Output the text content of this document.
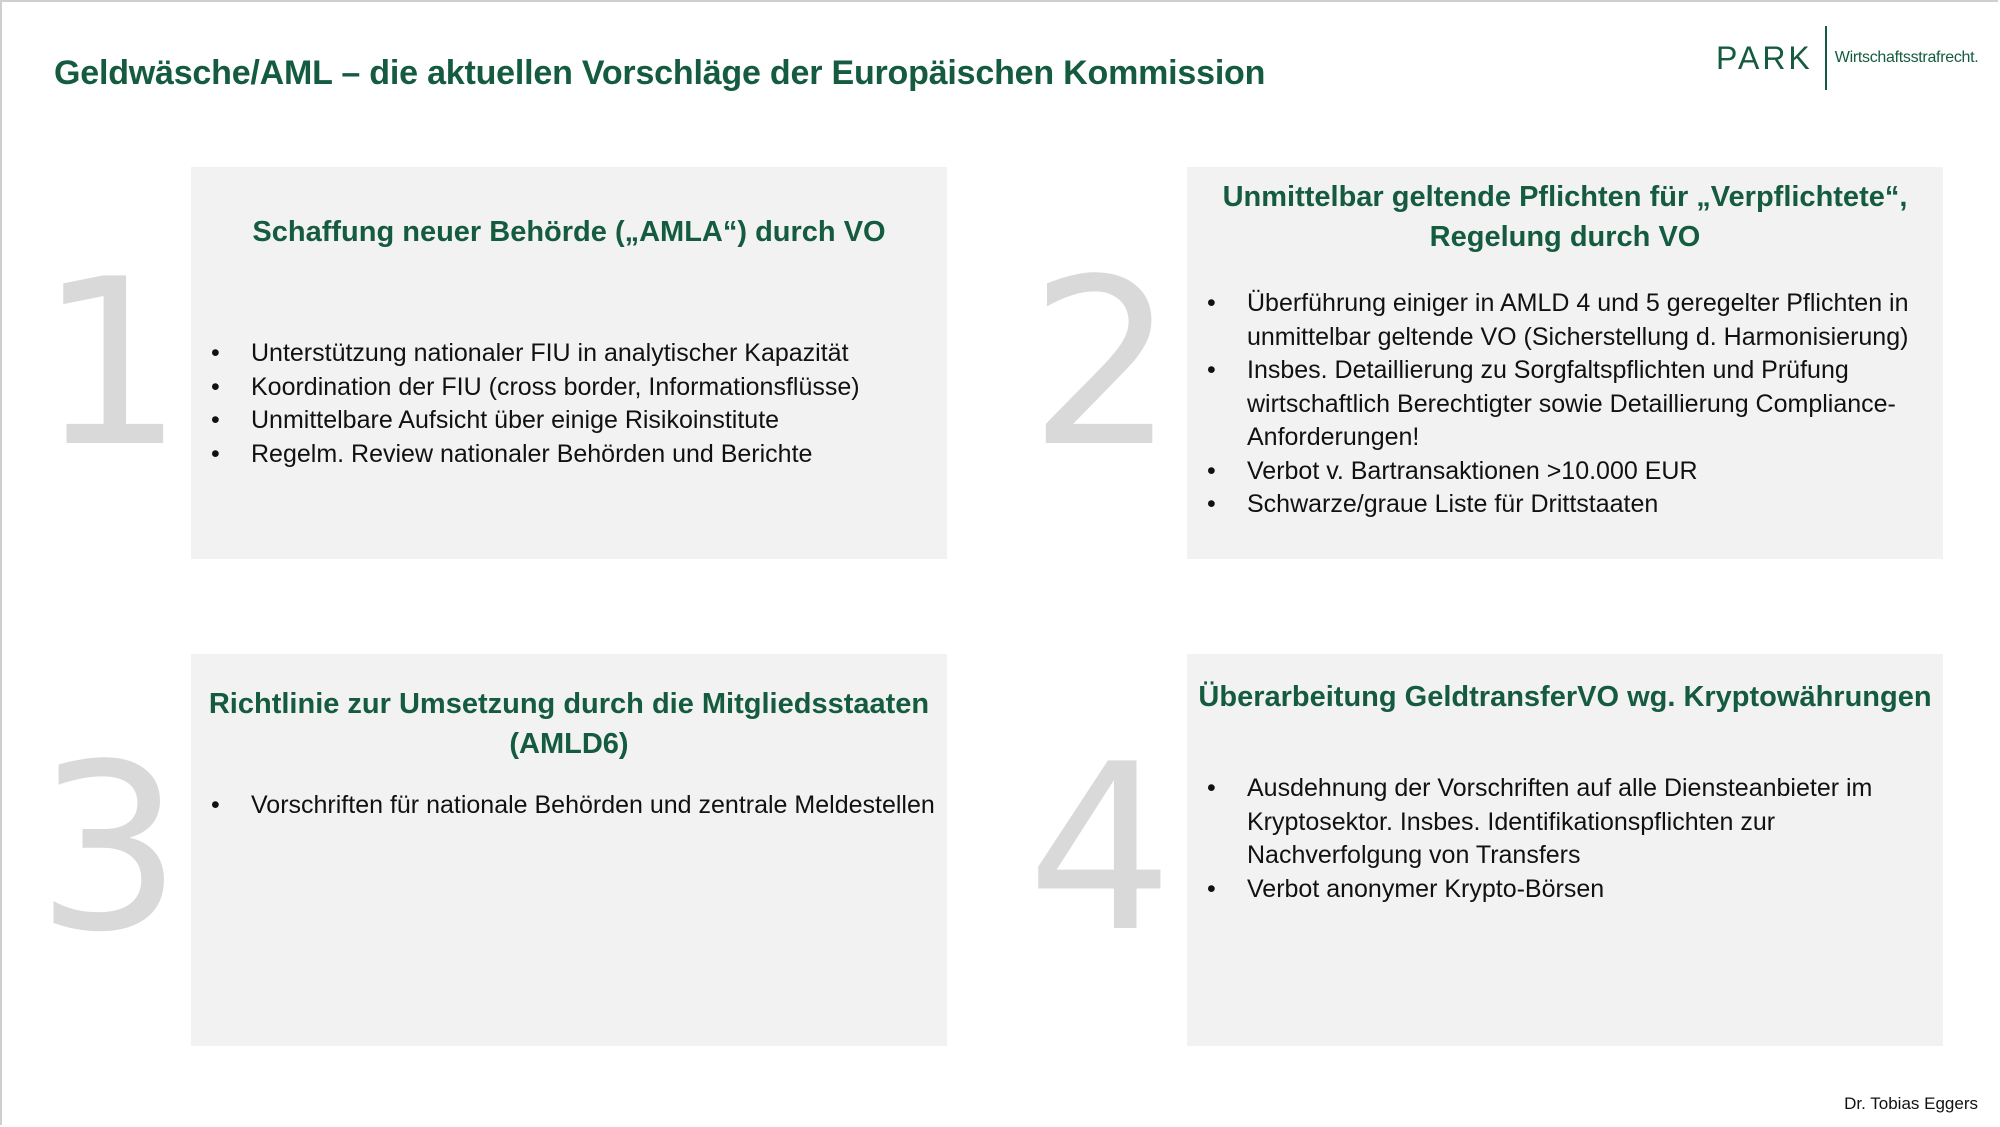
Geldwäsche/AML – die aktuellen Vorschläge der Europäischen Kommission	PARK Wirtschaftsstrafrecht.
1	Schaffung neuer Behörde („AMLA“) durch VO
• Unterstützung nationaler FIU in analytischer Kapazität
• Koordination der FIU (cross border, Informationsflüsse)
• Unmittelbare Aufsicht über einige Risikoinstitute
• Regelm. Review nationaler Behörden und Berichte 2
Unmittelbar geltende Pflichten für „Verpflichtete“, Regelung durch VO
• Überführung einiger in AMLD 4 und 5 geregelter Pflichten in unmittelbar geltende VO (Sicherstellung d. Harmonisierung)
• Insbes. Detaillierung zu Sorgfaltspflichten und Prüfung wirtschaftlich Berechtigter sowie Detaillierung Compliance-Anforderungen!
• Verbot v. Bartransaktionen >10.000 EUR
• Schwarze/graue Liste für Drittstaaten
3
Richtlinie zur Umsetzung durch die Mitgliedsstaaten (AMLD6)
• Vorschriften für nationale Behörden und zentrale Meldestellen 4
Überarbeitung GeldtransferVO wg. Kryptowährungen
• Ausdehnung der Vorschriften auf alle Diensteanbieter im Kryptosektor. Insbes. Identifikationspflichten zur Nachverfolgung von Transfers
• Verbot anonymer Krypto-Börsen
Dr. Tobias Eggers
